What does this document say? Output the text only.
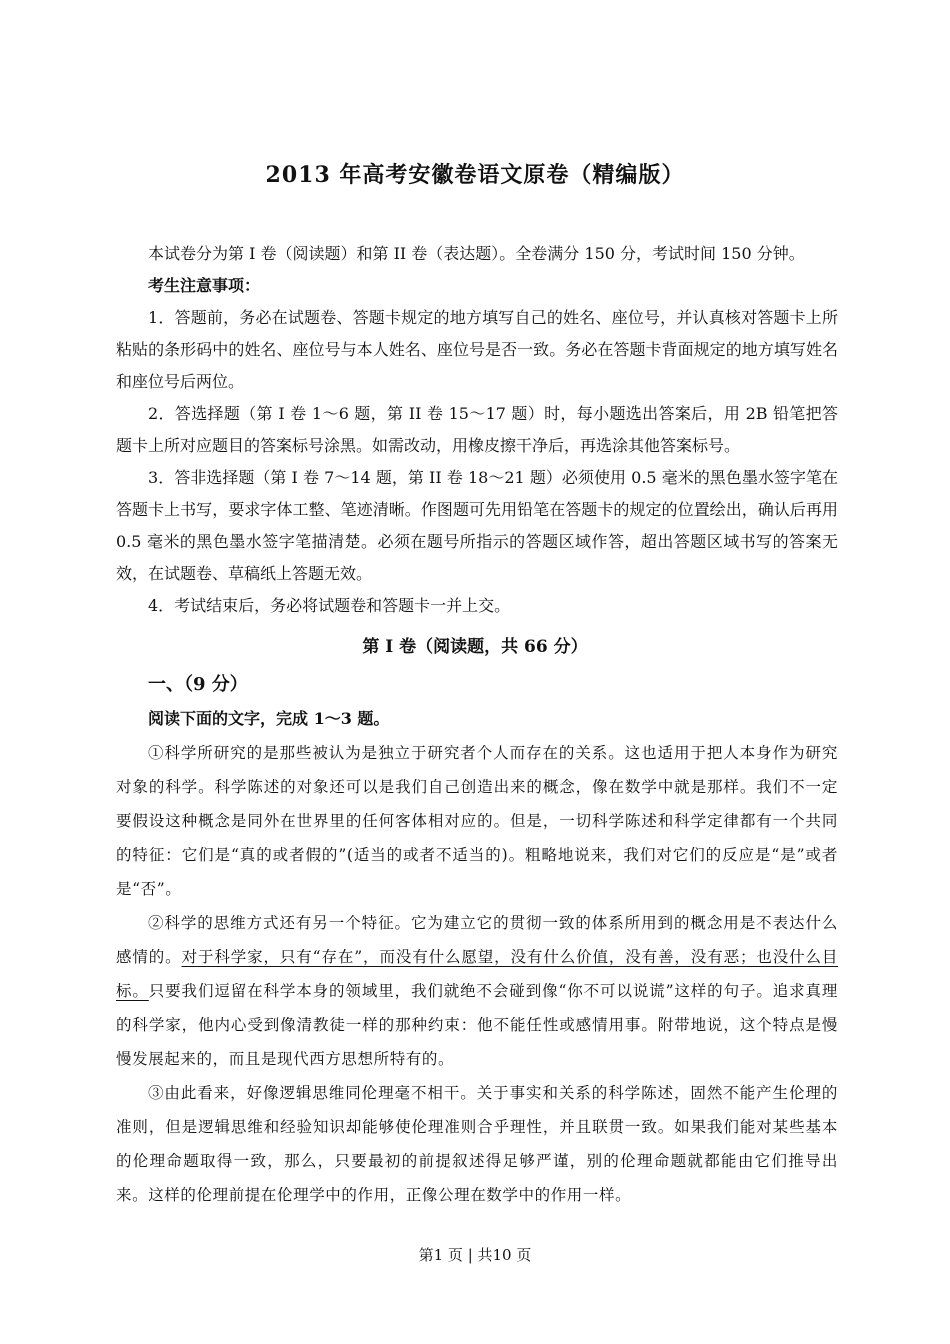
2013 年高考安徽卷语文原卷（精编版）

本试卷分为第 I 卷（阅读题）和第 II 卷（表达题）。全卷满分 150 分，考试时间 150 分钟。

考生注意事项：

1．答题前，务必在试题卷、答题卡规定的地方填写自己的姓名、座位号，并认真核对答题卡上所粘贴的条形码中的姓名、座位号与本人姓名、座位号是否一致。务必在答题卡背面规定的地方填写姓名和座位号后两位。

2．答选择题（第 I 卷 1～6 题，第 II 卷 15～17 题）时，每小题选出答案后，用 2B 铅笔把答题卡上所对应题目的答案标号涂黑。如需改动，用橡皮擦干净后，再选涂其他答案标号。

3．答非选择题（第 I 卷 7～14 题，第 II 卷 18～21 题）必须使用 0.5 毫米的黑色墨水签字笔在答题卡上书写，要求字体工整、笔迹清晰。作图题可先用铅笔在答题卡的规定的位置绘出，确认后再用 0.5 毫米的黑色墨水签字笔描清楚。必须在题号所指示的答题区域作答，超出答题区域书写的答案无效，在试题卷、草稿纸上答题无效。

4．考试结束后，务必将试题卷和答题卡一并上交。

第 I 卷（阅读题，共 66 分）
一、（9 分）
阅读下面的文字，完成 1～3 题。

①科学所研究的是那些被认为是独立于研究者个人而存在的关系。这也适用于把人本身作为研究对象的科学。科学陈述的对象还可以是我们自己创造出来的概念，像在数学中就是那样。我们不一定要假设这种概念是同外在世界里的任何客体相对应的。但是，一切科学陈述和科学定律都有一个共同的特征：它们是“真的或者假的”(适当的或者不适当的)。粗略地说来，我们对它们的反应是“是”或者是“否”。

②科学的思维方式还有另一个特征。它为建立它的贯彻一致的体系所用到的概念用是不表达什么感情的。对于科学家，只有“存在”，而没有什么愿望，没有什么价值，没有善，没有恶；也没什么目标。只要我们逗留在科学本身的领域里，我们就绝不会碰到像“你不可以说谎”这样的句子。追求真理的科学家，他内心受到像清教徒一样的那种约束：他不能任性或感情用事。附带地说，这个特点是慢慢发展起来的，而且是现代西方思想所特有的。

③由此看来，好像逻辑思维同伦理毫不相干。关于事实和关系的科学陈述，固然不能产生伦理的准则，但是逻辑思维和经验知识却能够使伦理准则合乎理性，并且联贯一致。如果我们能对某些基本的伦理命题取得一致，那么，只要最初的前提叙述得足够严谨，别的伦理命题就都能由它们推导出来。这样的伦理前提在伦理学中的作用，正像公理在数学中的作用一样。

第1 页 | 共10 页
